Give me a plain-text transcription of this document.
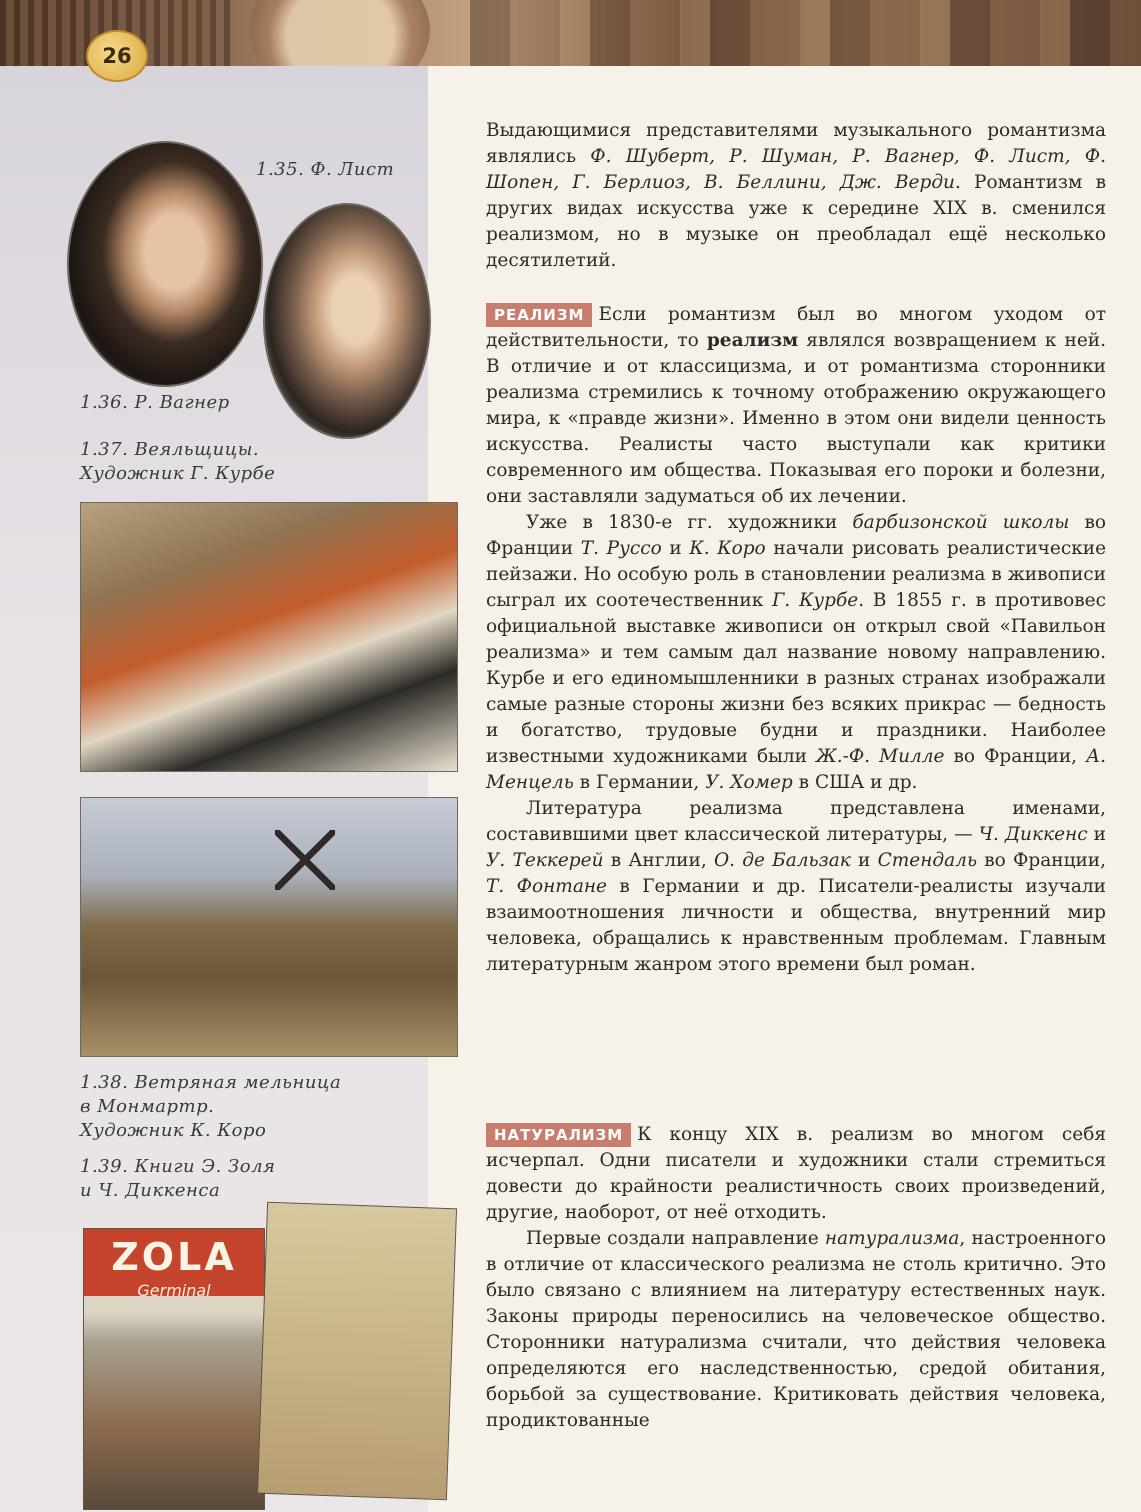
26
1.35. Ф. Лист
1.36. Р. Вагнер
1.37. Веяльщицы.
Художник Г. Курбе
1.38. Ветряная мельница
в Монмартр.
Художник К. Коро
1.39. Книги Э. Золя
и Ч. Диккенса
ZOLA
Germinal

Выдающимися представителями музыкального романтизма являлись Ф. Шуберт, Р. Шуман, Р. Вагнер, Ф. Лист, Ф. Шопен, Г. Берлиоз, В. Беллини, Дж. Верди. Романтизм в других видах искусства уже к середине XIX в. сменился реализмом, но в музыке он преобладал ещё несколько десятилетий.

РЕАЛИЗМ Если романтизм был во многом уходом от действительности, то реализм являлся возвращением к ней. В отличие и от классицизма, и от романтизма сторонники реализма стремились к точному отображению окружающего мира, к «правде жизни». Именно в этом они видели ценность искусства. Реалисты часто выступали как критики современного им общества. Показывая его пороки и болезни, они заставляли задуматься об их лечении.

Уже в 1830-е гг. художники барбизонской школы во Франции Т. Руссо и К. Коро начали рисовать реалистические пейзажи. Но особую роль в становлении реализма в живописи сыграл их соотечественник Г. Курбе. В 1855 г. в противовес официальной выставке живописи он открыл свой «Павильон реализма» и тем самым дал название новому направлению. Курбе и его единомышленники в разных странах изображали самые разные стороны жизни без всяких прикрас — бедность и богатство, трудовые будни и праздники. Наиболее известными художниками были Ж.-Ф. Милле во Франции, А. Менцель в Германии, У. Хомер в США и др.

Литература реализма представлена именами, составившими цвет классической литературы, — Ч. Диккенс и У. Теккерей в Англии, О. де Бальзак и Стендаль во Франции, Т. Фонтане в Германии и др. Писатели-реалисты изучали взаимоотношения личности и общества, внутренний мир человека, обращались к нравственным проблемам. Главным литературным жанром этого времени был роман.

НАТУРАЛИЗМ К концу XIX в. реализм во многом себя исчерпал. Одни писатели и художники стали стремиться довести до крайности реалистичность своих произведений, другие, наоборот, от неё отходить.

Первые создали направление натурализма, настроенного в отличие от классического реализма не столь критично. Это было связано с влиянием на литературу естественных наук. Законы природы переносились на человеческое общество. Сторонники натурализма считали, что действия человека определяются его наследственностью, средой обитания, борьбой за существование. Критиковать действия человека, продиктованные
